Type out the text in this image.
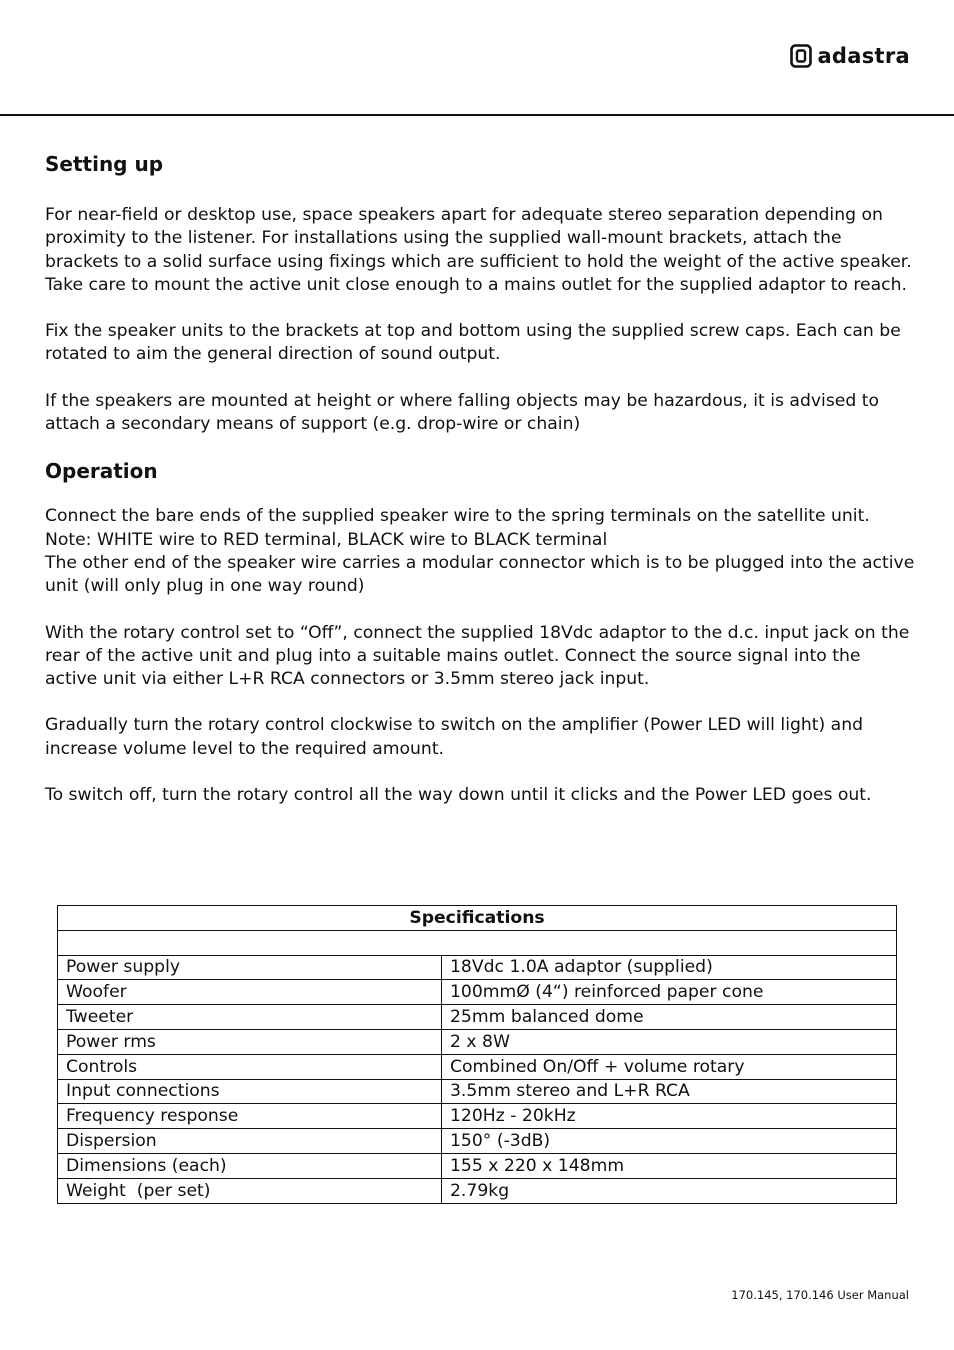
adastra
Setting up

For near-field or desktop use, space speakers apart for adequate stereo separation depending on proximity to the listener. For installations using the supplied wall-mount brackets, attach the brackets to a solid surface using fixings which are sufficient to hold the weight of the active speaker. Take care to mount the active unit close enough to a mains outlet for the supplied adaptor to reach.

Fix the speaker units to the brackets at top and bottom using the supplied screw caps. Each can be rotated to aim the general direction of sound output.

If the speakers are mounted at height or where falling objects may be hazardous, it is advised to attach a secondary means of support (e.g. drop-wire or chain)

Operation

Connect the bare ends of the supplied speaker wire to the spring terminals on the satellite unit.

Note: WHITE wire to RED terminal, BLACK wire to BLACK terminal

The other end of the speaker wire carries a modular connector which is to be plugged into the active unit (will only plug in one way round)

With the rotary control set to “Off”, connect the supplied 18Vdc adaptor to the d.c. input jack on the rear of the active unit and plug into a suitable mains outlet. Connect the source signal into the active unit via either L+R RCA connectors or 3.5mm stereo jack input.

Gradually turn the rotary control clockwise to switch on the amplifier (Power LED will light) and increase volume level to the required amount.

To switch off, turn the rotary control all the way down until it clicks and the Power LED goes out.

Specifications	

Power supply	18Vdc 1.0A adaptor (supplied)
Woofer	100mmØ (4“) reinforced paper cone
Tweeter	25mm balanced dome
Power rms	2 x 8W
Controls	Combined On/Off + volume rotary
Input connections	3.5mm stereo and L+R RCA
Frequency response	120Hz - 20kHz
Dispersion	150° (-3dB)
Dimensions (each)	155 x 220 x 148mm
Weight  (per set)	2.79kg
170.145, 170.146 User Manual
